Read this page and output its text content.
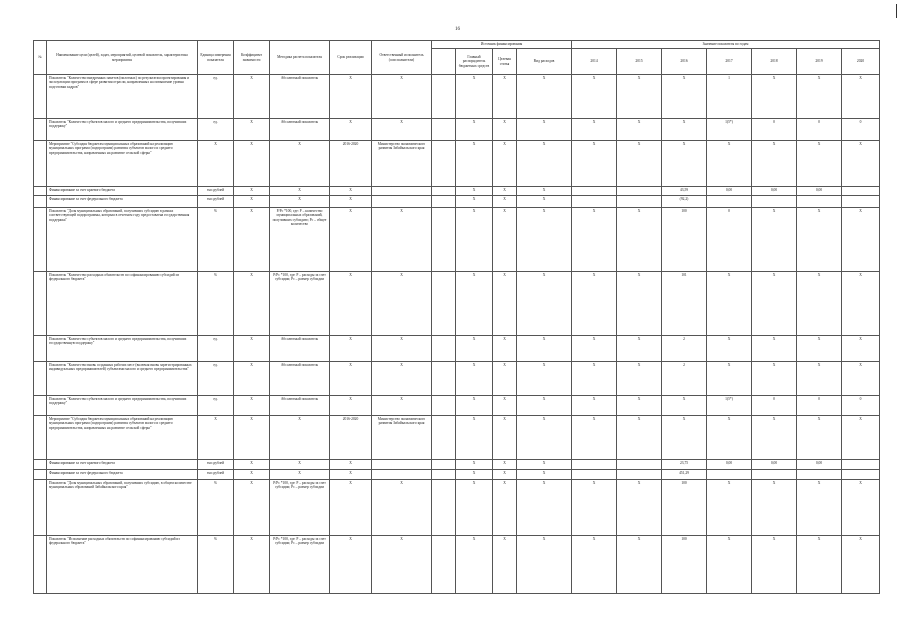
16
№	Наименование цели (целей), задач, мероприятий, целевой показатель, характеристика мероприятия	Единица измерения показателя	Коэффициент значимости	Методика расчета показателя	Срок реализации	Ответственный исполнитель (соисполнители)	Источник финансирования				Значение показателя по годам						
								Главный распорядитель бюджетных средств	Целевая статья	Вид расходов	2014	2015	2016	2017	2018	2019	2020
	Показатель "Количество внедренных пакетов (пилотных) по результатам проектирования и эксплуатации программ в сфере развития отрасли, направленных на повышение уровня подготовки кадров"	ед.	X	Абсолютный показатель	X	X		X	X	X	X	X	X	1	X	X	X
	Показатель "Количество субъектов малого и среднего предпринимательства, получивших поддержку"	ед.	X	Абсолютный показатель	X	X		X	X	X	X	X	X	1(5*)	0	0	0
	Мероприятие "Субсидия бюджетам муниципальных образований на реализацию муниципальных программ (подпрограмм) развития субъектов малого и среднего предпринимательства, направленных на развитие сельской сферы"	X	X	X	2016-2020	Министерство экономического развития Забайкальского края		X	X	X	X	X	X	X	X	X	X
	Финансирование за счет краевого бюджета	тыс.рублей	X	X	X			X	X	X			43,59	0,00	0,00	0,00	
	Финансирование за счет федерального бюджета	тыс.рублей	X	X	X			X	X	X			(92,2)				
	Показатель "Доля муниципальных образований, получивших субсидию в рамках соответствующей подпрограммы, которым в отчетном году предоставлена государственная поддержка"	%	X	Р/Рс *100, где: Р – количество муниципальных образований, получивших субсидию; Рс – общее количество	X	X		X	X	X	X	X	100	0	X	X	X
	Показатель "Количество расходных обязательств по софинансированию субсидий из федерального бюджета"	%	X	Р/Рс *100, где: Р – расходы за счет субсидии; Рс – размер субсидии	X	X		X	X	X	X	X	101	X	X	X	X
	Показатель "Количество субъектов малого и среднего предпринимательства, получивших государственную поддержку"	ед.	X	Абсолютный показатель	X	X		X	X	X	X	X	2	X	X	X	X
	Показатель "Количество вновь созданных рабочих мест (включая вновь зарегистрированных индивидуальных предпринимателей) субъектами малого и среднего предпринимательства"	ед.	X	Абсолютный показатель	X	X		X	X	X	X	X	2	X	X	X	X
	Показатель "Количество субъектов малого и среднего предпринимательства, получивших поддержку"	ед.	X	Абсолютный показатель	X	X		X	X	X	X	X	X	1(5*)	0	0	0
	Мероприятие "Субсидия бюджетам муниципальных образований на реализацию муниципальных программ (подпрограмм) развития субъектов малого и среднего предпринимательства, направленных на развитие сельской сферы"	X	X	X	2016-2020	Министерство экономического развития Забайкальского края		X	X	X	X	X	X	X	X	X	X
	Финансирование за счет краевого бюджета	тыс.рублей	X	X	X			X	X	X			23,75	0,00	0,00	0,00	
	Финансирование за счет федерального бюджета	тыс.рублей	X	X	X			X	X	X			451,29				
	Показатель "Доля муниципальных образований, получивших субсидию, в общем количестве муниципальных образований Забайкальского края"	%	X	Р/Рс *100, где: Р – расходы за счет субсидии; Рс – размер субсидии	X	X		X	X	X	X	X	100	X	X	X	X
	Показатель "Исполнение расходных обязательств по софинансированию субсидий из федерального бюджета"	%	X	Р/Рс *100, где: Р – расходы за счет субсидии; Рс – размер субсидии	X	X		X	X	X	X	X	100	X	X	X	X
